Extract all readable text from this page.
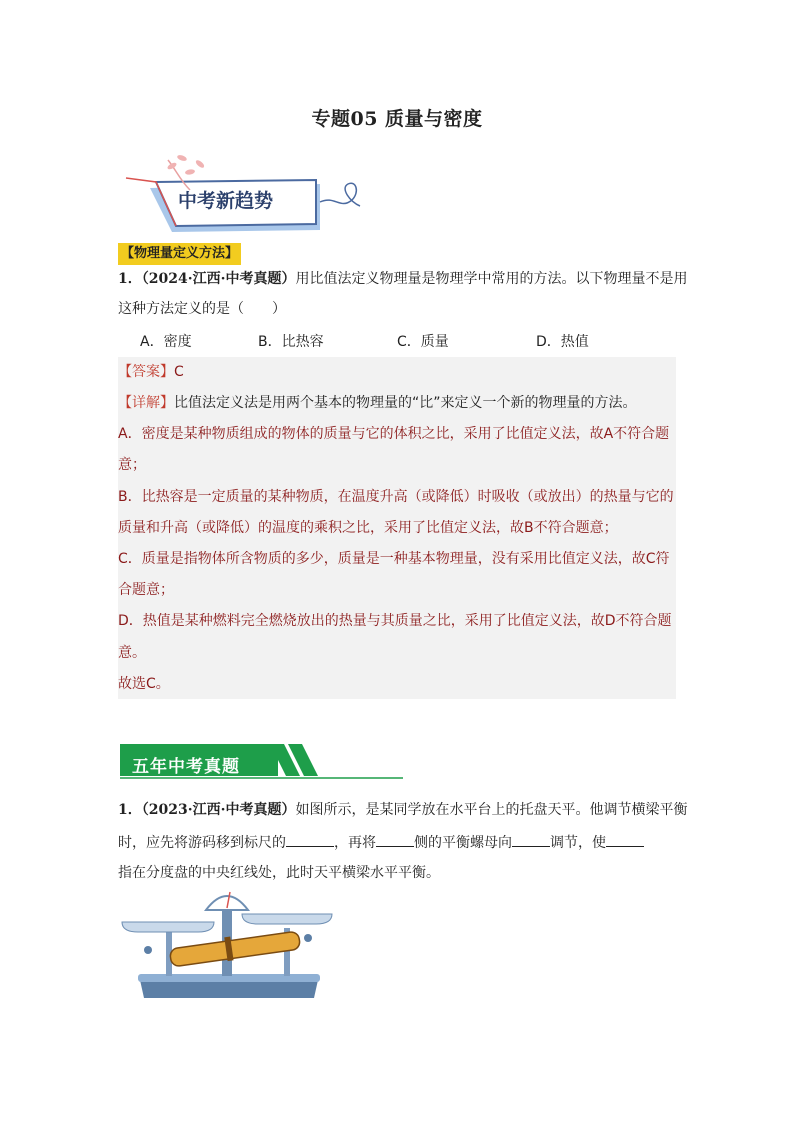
专题05 质量与密度
中考新趋势
【物理量定义方法】
1．（2024·江西·中考真题）用比值法定义物理量是物理学中常用的方法。以下物理量不是用
这种方法定义的是（　　）
A．密度	B．比热容	C．质量	D．热值
【答案】C
【详解】比值法定义法是用两个基本的物理量的“比”来定义一个新的物理量的方法。
A．密度是某种物质组成的物体的质量与它的体积之比，采用了比值定义法，故A不符合题
意；
B．比热容是一定质量的某种物质，在温度升高（或降低）时吸收（或放出）的热量与它的
质量和升高（或降低）的温度的乘积之比，采用了比值定义法，故B不符合题意；
C．质量是指物体所含物质的多少，质量是一种基本物理量，没有采用比值定义法，故C符
合题意；
D．热值是某种燃料完全燃烧放出的热量与其质量之比，采用了比值定义法，故D不符合题
意。
故选C。
五年中考真题
1．（2023·江西·中考真题）如图所示，是某同学放在水平台上的托盘天平。他调节横梁平衡
时，应先将游码移到标尺的	，再将	侧的平衡螺母向	调节，使
指在分度盘的中央红线处，此时天平横梁水平平衡。
